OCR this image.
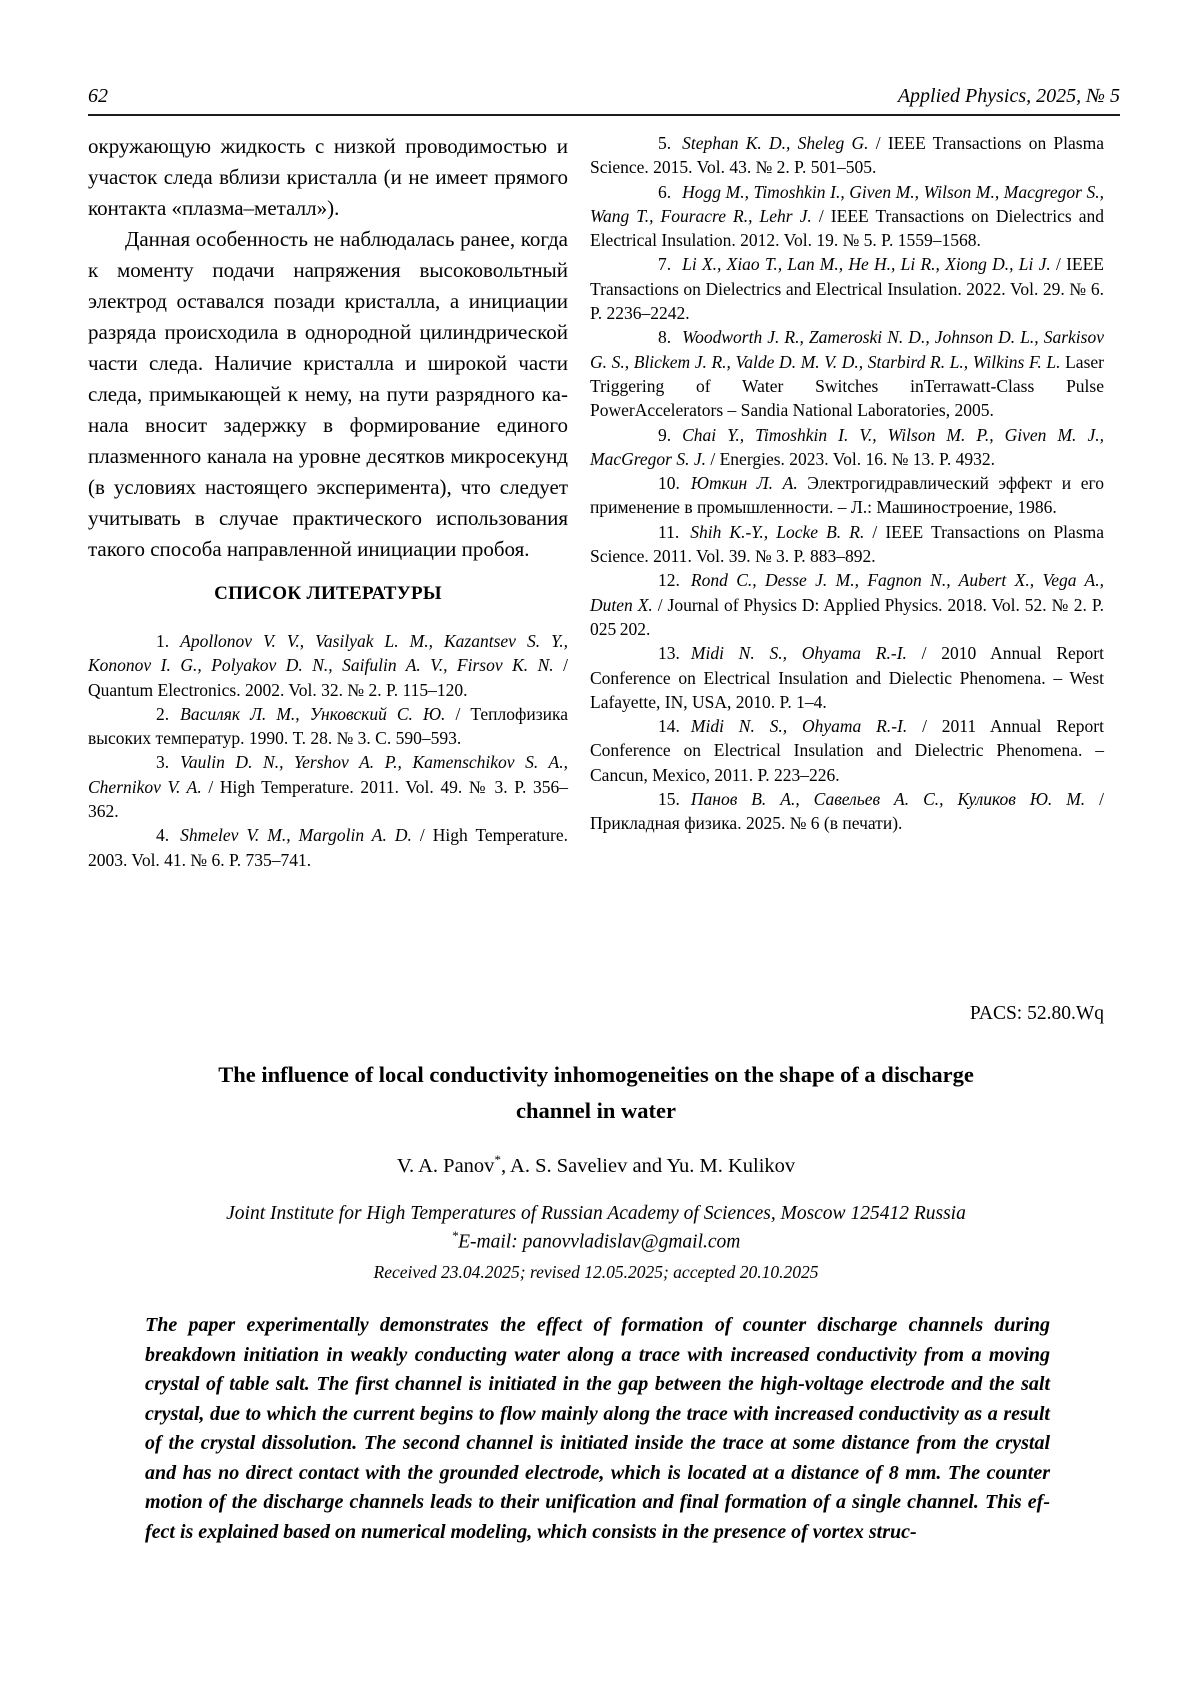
62	Applied Physics, 2025, № 5

окружающую жидкость с низкой проводимостью и участок следа вблизи кристалла (и не имеет прямого контакта «плазма–металл»).

Данная особенность не наблюдалась ранее, когда к моменту подачи напряжения высоковольтный электрод оставался позади кристалла, а инициации разряда происходила в однородной цилиндрической части следа. Наличие кристалла и широкой части следа, примыкающей к нему, на пути разрядного канала вносит задержку в формирование единого плазменного канала на уровне десятков микросекунд (в условиях настоящего эксперимента), что следует учитывать в случае практического использования такого способа направленной инициации пробоя.

СПИСОК ЛИТЕРАТУРЫ

1. Apollonov V. V., Vasilyak L. M., Kazantsev S. Y., Kononov I. G., Polyakov D. N., Saifulin A. V., Firsov K. N. / Quantum Electronics. 2002. Vol. 32. № 2. P. 115–120.

2. Василяк Л. М., Унковский С. Ю. / Теплофизика высоких температур. 1990. Т. 28. № 3. С. 590–593.

3. Vaulin D. N., Yershov A. P., Kamenschikov S. A., Chernikov V. A. / High Temperature. 2011. Vol. 49. № 3. P. 356–362.

4. Shmelev V. M., Margolin A. D. / High Temperature. 2003. Vol. 41. № 6. P. 735–741.

5. Stephan K. D., Sheleg G. / IEEE Transactions on Plasma Science. 2015. Vol. 43. № 2. P. 501–505.

6. Hogg M., Timoshkin I., Given M., Wilson M., Macgregor S., Wang T., Fouracre R., Lehr J. / IEEE Transactions on Dielectrics and Electrical Insulation. 2012. Vol. 19. № 5. P. 1559–1568.

7. Li X., Xiao T., Lan M., He H., Li R., Xiong D., Li J. / IEEE Transactions on Dielectrics and Electrical Insulation. 2022. Vol. 29. № 6. P. 2236–2242.

8. Woodworth J. R., Zameroski N. D., Johnson D. L., Sarkisov G. S., Blickem J. R., Valde D. M. V. D., Starbird R. L., Wilkins F. L. Laser Triggering of Water Switches inTerrawatt-Class Pulse PowerAccelerators – Sandia National Laboratories, 2005.

9. Chai Y., Timoshkin I. V., Wilson M. P., Given M. J., MacGregor S. J. / Energies. 2023. Vol. 16. № 13. P. 4932.

10. Юткин Л. А. Электрогидравлический эффект и его применение в промышленности. – Л.: Машиностроение, 1986.

11. Shih K.-Y., Locke B. R. / IEEE Transactions on Plasma Science. 2011. Vol. 39. № 3. P. 883–892.

12. Rond C., Desse J. M., Fagnon N., Aubert X., Vega A., Duten X. / Journal of Physics D: Applied Physics. 2018. Vol. 52. № 2. P. 025 202.

13. Midi N. S., Ohyama R.-I. / 2010 Annual Report Conference on Electrical Insulation and Dielectic Phenomena. – West Lafayette, IN, USA, 2010. P. 1–4.

14. Midi N. S., Ohyama R.-I. / 2011 Annual Report Conference on Electrical Insulation and Dielectric Phenomena. – Cancun, Mexico, 2011. P. 223–226.

15. Панов В. А., Савельев А. С., Куликов Ю. М. / Прикладная физика. 2025. № 6 (в печати).

PACS: 52.80.Wq
The influence of local conductivity inhomogeneities on the shape of a discharge
channel in water
V. A. Panov*, A. S. Saveliev and Yu. M. Kulikov
Joint Institute for High Temperatures of Russian Academy of Sciences, Moscow 125412 Russia
*E-mail: panovvladislav@gmail.com
Received 23.04.2025; revised 12.05.2025; accepted 20.10.2025

The paper experimentally demonstrates the effect of formation of counter discharge channels during breakdown initiation in weakly conducting water along a trace with increased conductivity from a moving crystal of table salt. The first channel is initiated in the gap between the high-voltage electrode and the salt crystal, due to which the current begins to flow mainly along the trace with increased conductivity as a result of the crystal dissolution. The second channel is initiated inside the trace at some distance from the crystal and has no direct contact with the grounded electrode, which is located at a distance of 8 mm. The counter motion of the discharge channels leads to their unification and final formation of a single channel. This effect is explained based on numerical modeling, which consists in the presence of vortex struc-
